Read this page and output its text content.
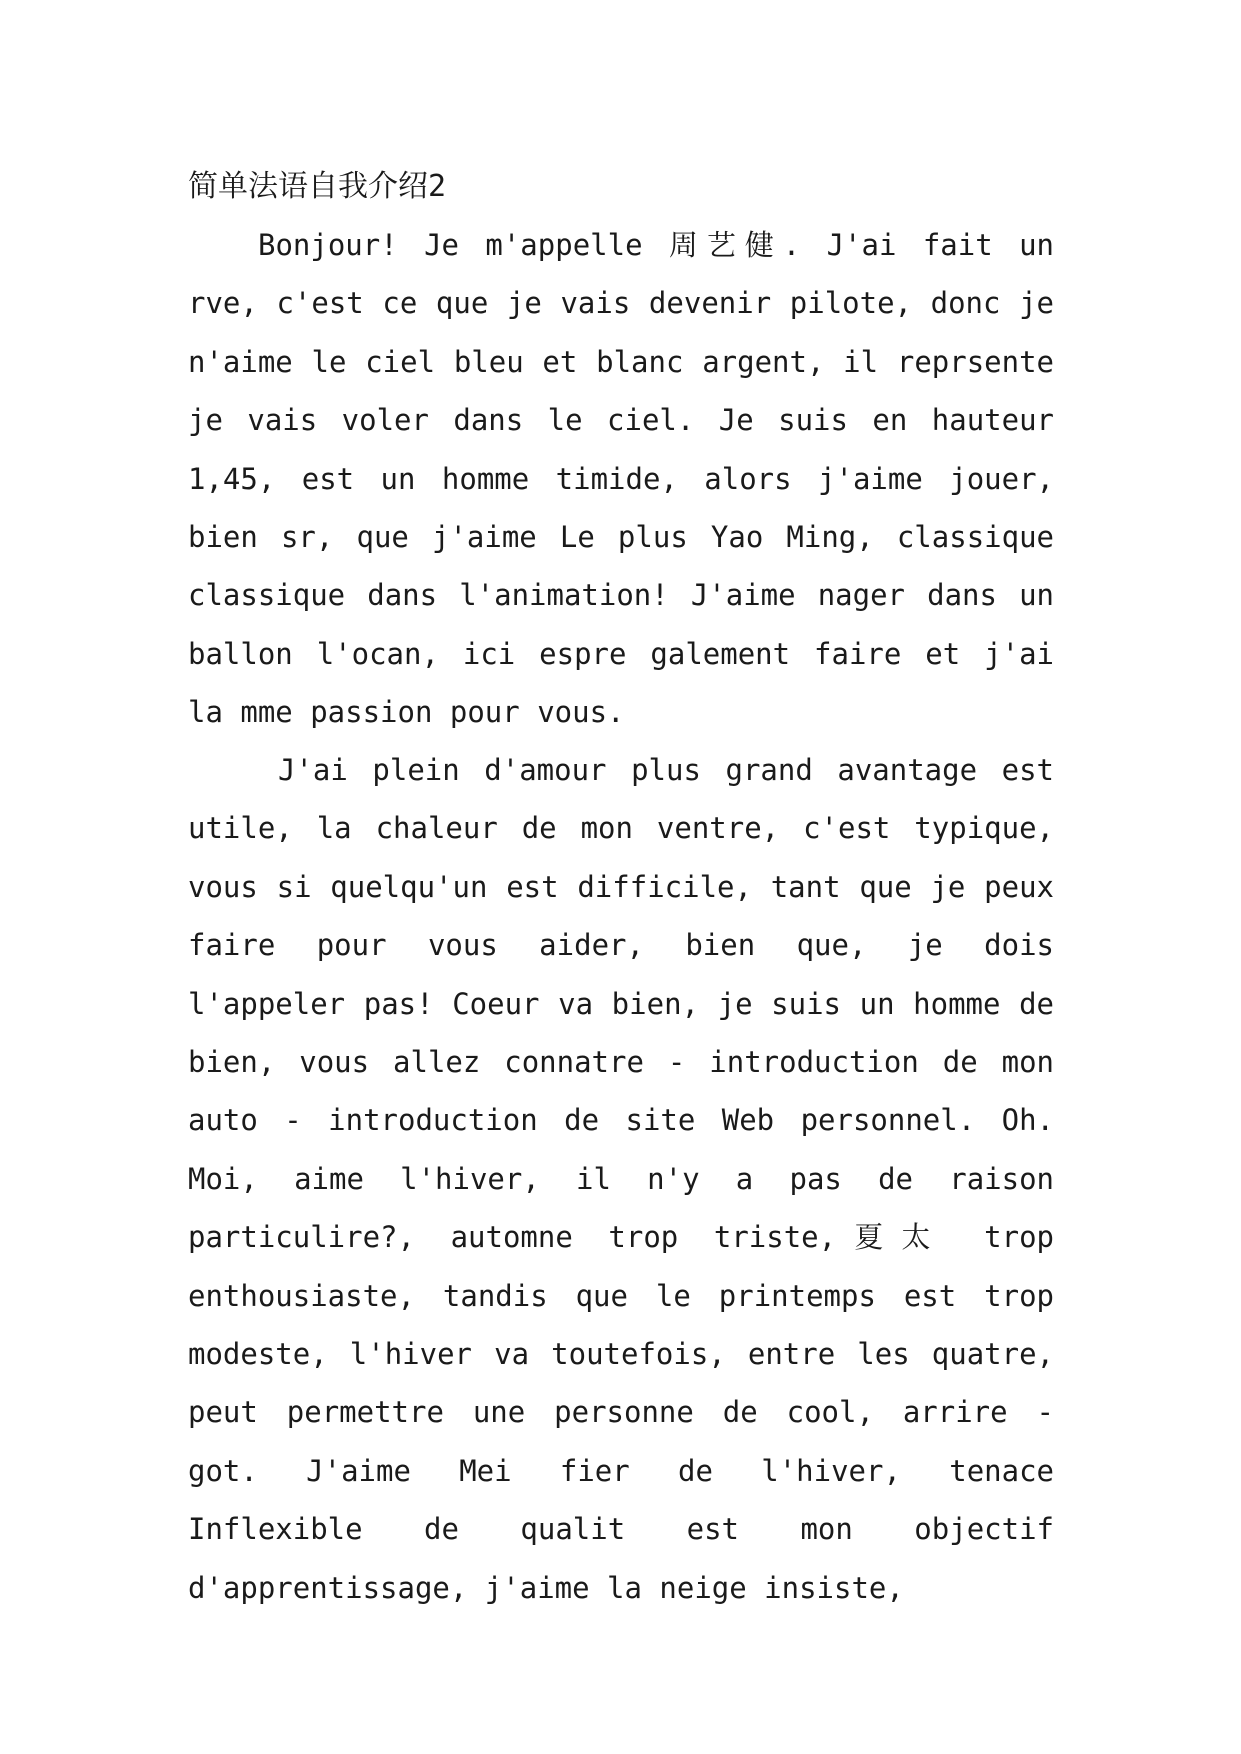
简单法语自我介绍2

Bonjour! Je m'appelle 周艺健. J'ai fait un rve, c'est ce que je vais devenir pilote, donc je n'aime le ciel bleu et blanc argent, il reprsente je vais voler dans le ciel. Je suis en hauteur 1,45, est un homme timide, alors j'aime jouer, bien sr, que j'aime Le plus Yao Ming, classique classique dans l'animation! J'aime nager dans un ballon l'ocan, ici espre galement faire et j'ai la mme passion pour vous.

J'ai plein d'amour plus grand avantage est utile, la chaleur de mon ventre, c'est typique, vous si quelqu'un est difficile, tant que je peux faire pour vous aider, bien que, je dois l'appeler pas! Coeur va bien, je suis un homme de bien, vous allez connatre - introduction de mon auto - introduction de site Web personnel. Oh. Moi, aime l'hiver, il n'y a pas de raison particulire?, automne trop triste,夏太 trop enthousiaste, tandis que le printemps est trop modeste, l'hiver va toutefois, entre les quatre, peut permettre une personne de cool, arrire - got. J'aime Mei fier de l'hiver, tenace Inflexible de qualit est mon objectif d'apprentissage, j'aime la neige insiste,
